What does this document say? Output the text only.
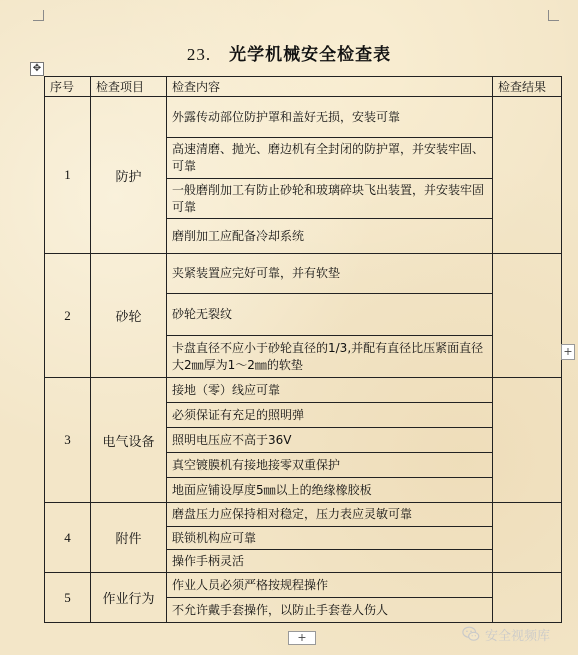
23. 光学机械安全检查表
✥
序号	检查项目	检查内容	检查结果
1	防护	外露传动部位防护罩和盖好无损，安装可靠	
		高速清磨、抛光、磨边机有全封闭的防护罩，并安装牢固、可靠	
		一般磨削加工有防止砂轮和玻璃碎块飞出装置，并安装牢固可靠	
		磨削加工应配备冷却系统	
2	砂轮	夹紧装置应完好可靠，并有软垫	
		砂轮无裂纹	
		卡盘直径不应小于砂轮直径的1/3,并配有直径比压紧面直径大2㎜厚为1～2㎜的软垫	
3	电气设备	接地（零）线应可靠	
		必须保证有充足的照明弹	
		照明电压应不高于36V	
		真空镀膜机有接地接零双重保护	
		地面应铺设厚度5㎜以上的绝缘橡胶板	
4	附件	磨盘压力应保持相对稳定，压力表应灵敏可靠	
		联锁机构应可靠	
		操作手柄灵活	
5	作业行为	作业人员必须严格按规程操作	
		不允许戴手套操作，以防止手套卷人伤人	
+
+	安全视频库
